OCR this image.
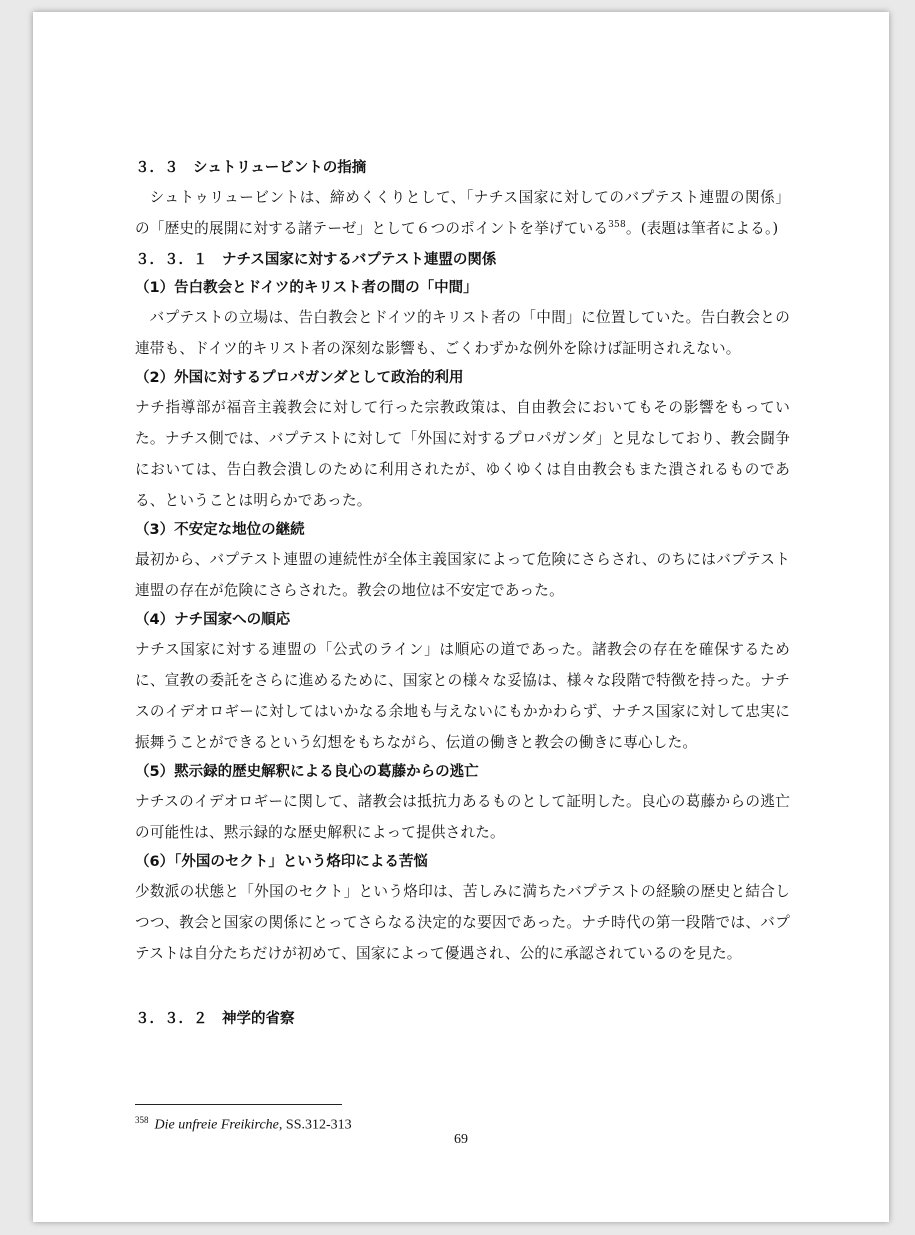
３．３　シュトリュービントの指摘

シュトゥリュービントは、締めくくりとして、「ナチス国家に対してのバプテスト連盟の関係」の「歴史的展開に対する諸テーゼ」として６つのポイントを挙げている$^{358}$。(表題は筆者による。)

３．３．１　ナチス国家に対するバプテスト連盟の関係
（1）告白教会とドイツ的キリスト者の間の「中間」

バプテストの立場は、告白教会とドイツ的キリスト者の「中間」に位置していた。告白教会との連帯も、ドイツ的キリスト者の深刻な影響も、ごくわずかな例外を除けば証明されえない。

（2）外国に対するプロパガンダとして政治的利用

ナチ指導部が福音主義教会に対して行った宗教政策は、自由教会においてもその影響をもっていた。ナチス側では、バプテストに対して「外国に対するプロパガンダ」と見なしており、教会闘争においては、告白教会潰しのために利用されたが、ゆくゆくは自由教会もまた潰されるものである、ということは明らかであった。

（3）不安定な地位の継続

最初から、バプテスト連盟の連続性が全体主義国家によって危険にさらされ、のちにはバプテスト連盟の存在が危険にさらされた。教会の地位は不安定であった。

（4）ナチ国家への順応

ナチス国家に対する連盟の「公式のライン」は順応の道であった。諸教会の存在を確保するために、宣教の委託をさらに進めるために、国家との様々な妥協は、様々な段階で特徴を持った。ナチスのイデオロギーに対してはいかなる余地も与えないにもかかわらず、ナチス国家に対して忠実に振舞うことができるという幻想をもちながら、伝道の働きと教会の働きに専心した。

（5）黙示録的歴史解釈による良心の葛藤からの逃亡

ナチスのイデオロギーに関して、諸教会は抵抗力あるものとして証明した。良心の葛藤からの逃亡の可能性は、黙示録的な歴史解釈によって提供された。

（6）「外国のセクト」という烙印による苦悩

少数派の状態と「外国のセクト」という烙印は、苦しみに満ちたバプテストの経験の歴史と結合しつつ、教会と国家の関係にとってさらなる決定的な要因であった。ナチ時代の第一段階では、バプテストは自分たちだけが初めて、国家によって優遇され、公的に承認されているのを見た。

３．３．２　神学的省察
$^{358}$ Die unfreie Freikirche, SS.312-313
69
